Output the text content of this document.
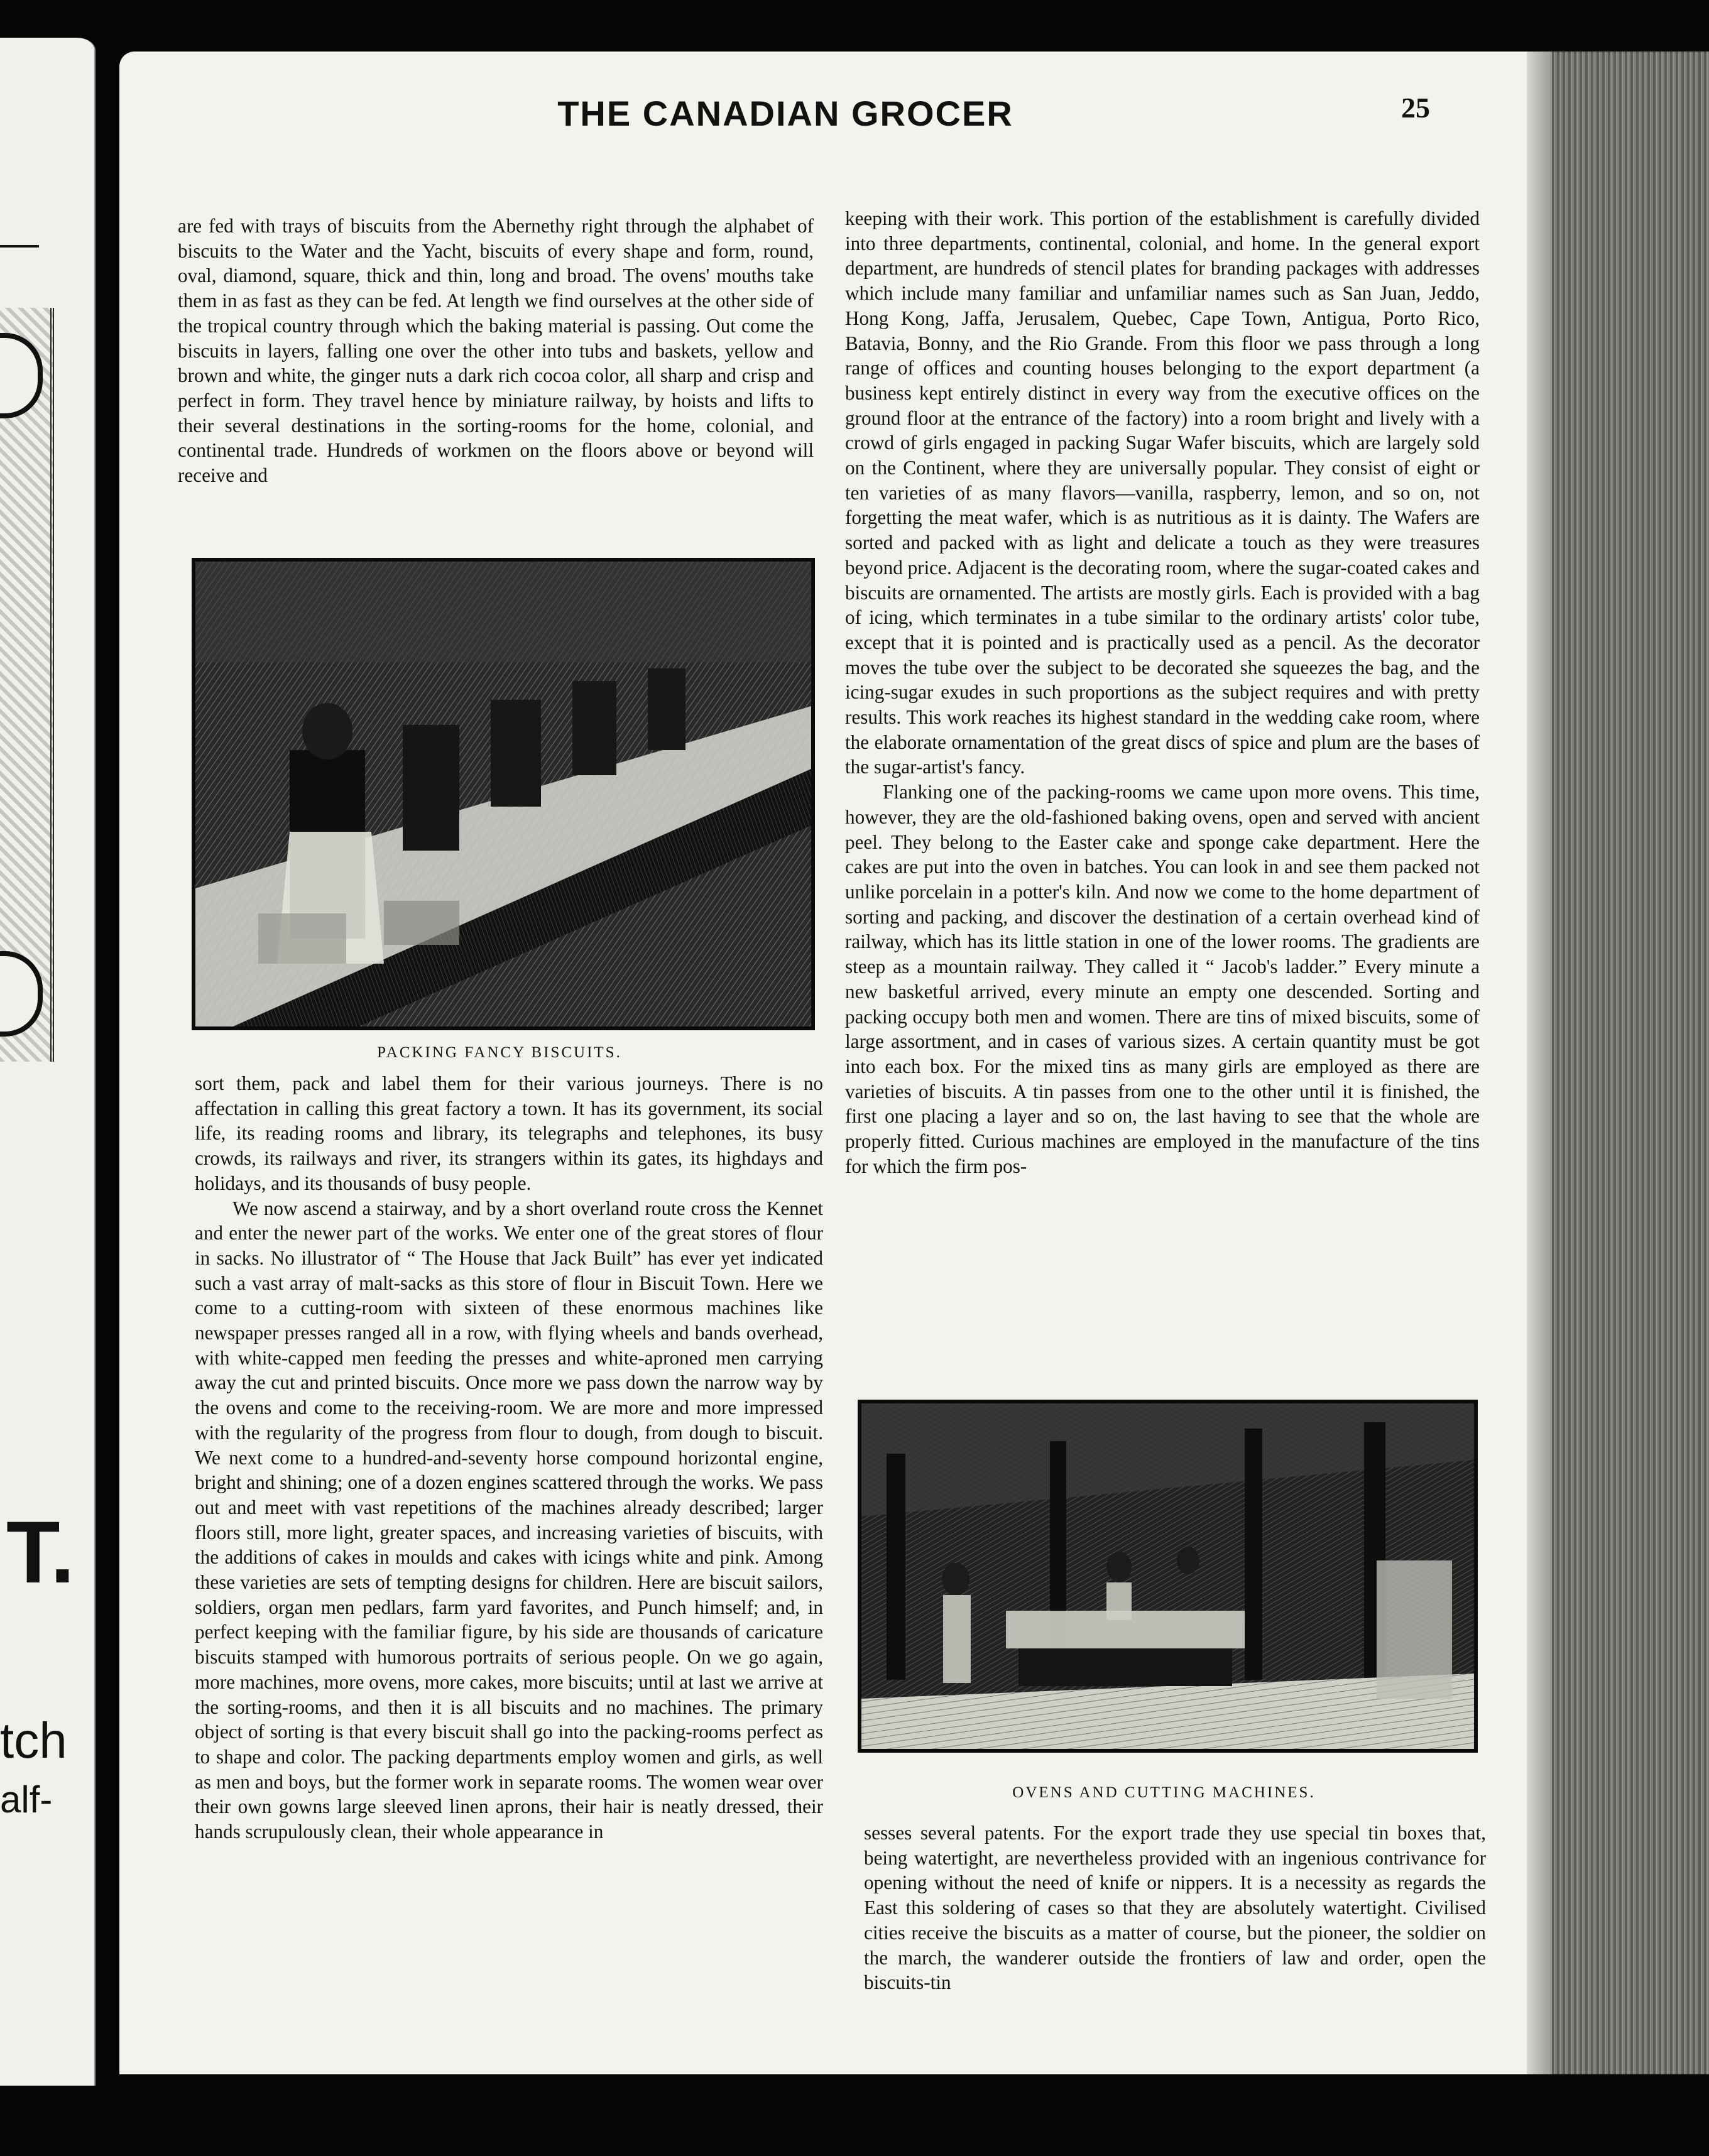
T.
tch
alf-
THE CANADIAN GROCER	25

are fed with trays of biscuits from the Abernethy right through the alphabet of biscuits to the Water and the Yacht, biscuits of every shape and form, round, oval, diamond, square, thick and thin, long and broad. The ovens' mouths take them in as fast as they can be fed. At length we find ourselves at the other side of the tropical country through which the baking material is passing. Out come the biscuits in layers, falling one over the other into tubs and baskets, yellow and brown and white, the ginger nuts a dark rich cocoa color, all sharp and crisp and perfect in form. They travel hence by miniature railway, by hoists and lifts to their several destinations in the sorting-rooms for the home, colonial, and continental trade. Hundreds of workmen on the floors above or beyond will receive and

PACKING FANCY BISCUITS.

sort them, pack and label them for their various journeys. There is no affectation in calling this great factory a town. It has its government, its social life, its reading rooms and library, its telegraphs and telephones, its busy crowds, its railways and river, its strangers within its gates, its highdays and holidays, and its thousands of busy people.

We now ascend a stairway, and by a short overland route cross the Kennet and enter the newer part of the works. We enter one of the great stores of flour in sacks. No illustrator of “ The House that Jack Built” has ever yet indicated such a vast array of malt-sacks as this store of flour in Biscuit Town. Here we come to a cutting-room with sixteen of these enormous machines like newspaper presses ranged all in a row, with flying wheels and bands overhead, with white-capped men feeding the presses and white-aproned men carrying away the cut and printed biscuits. Once more we pass down the narrow way by the ovens and come to the receiving-room. We are more and more impressed with the regularity of the progress from flour to dough, from dough to biscuit. We next come to a hundred-and-seventy horse compound horizontal engine, bright and shining; one of a dozen engines scattered through the works. We pass out and meet with vast repetitions of the machines already described; larger floors still, more light, greater spaces, and increasing varieties of biscuits, with the additions of cakes in moulds and cakes with icings white and pink. Among these varieties are sets of tempting designs for children. Here are biscuit sailors, soldiers, organ men pedlars, farm yard favorites, and Punch himself; and, in perfect keeping with the familiar figure, by his side are thousands of caricature biscuits stamped with humorous portraits of serious people. On we go again, more machines, more ovens, more cakes, more biscuits; until at last we arrive at the sorting-rooms, and then it is all biscuits and no machines. The primary object of sorting is that every biscuit shall go into the packing-rooms perfect as to shape and color. The packing departments employ women and girls, as well as men and boys, but the former work in separate rooms. The women wear over their own gowns large sleeved linen aprons, their hair is neatly dressed, their hands scrupulously clean, their whole appearance in

keeping with their work. This portion of the establishment is carefully divided into three departments, continental, colonial, and home. In the general export department, are hundreds of stencil plates for branding packages with addresses which include many familiar and unfamiliar names such as San Juan, Jeddo, Hong Kong, Jaffa, Jerusalem, Quebec, Cape Town, Antigua, Porto Rico, Batavia, Bonny, and the Rio Grande. From this floor we pass through a long range of offices and counting houses belonging to the export department (a business kept entirely distinct in every way from the executive offices on the ground floor at the entrance of the factory) into a room bright and lively with a crowd of girls engaged in packing Sugar Wafer biscuits, which are largely sold on the Continent, where they are universally popular. They consist of eight or ten varieties of as many flavors—vanilla, raspberry, lemon, and so on, not forgetting the meat wafer, which is as nutritious as it is dainty. The Wafers are sorted and packed with as light and delicate a touch as they were treasures beyond price. Adjacent is the decorating room, where the sugar-coated cakes and biscuits are ornamented. The artists are mostly girls. Each is provided with a bag of icing, which terminates in a tube similar to the ordinary artists' color tube, except that it is pointed and is practically used as a pencil. As the decorator moves the tube over the subject to be decorated she squeezes the bag, and the icing-sugar exudes in such proportions as the subject requires and with pretty results. This work reaches its highest standard in the wedding cake room, where the elaborate ornamentation of the great discs of spice and plum are the bases of the sugar-artist's fancy.

Flanking one of the packing-rooms we came upon more ovens. This time, however, they are the old-fashioned baking ovens, open and served with ancient peel. They belong to the Easter cake and sponge cake department. Here the cakes are put into the oven in batches. You can look in and see them packed not unlike porcelain in a potter's kiln. And now we come to the home department of sorting and packing, and discover the destination of a certain overhead kind of railway, which has its little station in one of the lower rooms. The gradients are steep as a mountain railway. They called it “ Jacob's ladder.” Every minute a new basketful arrived, every minute an empty one descended. Sorting and packing occupy both men and women. There are tins of mixed biscuits, some of large assortment, and in cases of various sizes. A certain quantity must be got into each box. For the mixed tins as many girls are employed as there are varieties of biscuits. A tin passes from one to the other until it is finished, the first one placing a layer and so on, the last having to see that the whole are properly fitted. Curious machines are employed in the manufacture of the tins for which the firm pos-

OVENS AND CUTTING MACHINES.

sesses several patents. For the export trade they use special tin boxes that, being watertight, are nevertheless provided with an ingenious contrivance for opening without the need of knife or nippers. It is a necessity as regards the East this soldering of cases so that they are absolutely watertight. Civilised cities receive the biscuits as a matter of course, but the pioneer, the soldier on the march, the wanderer outside the frontiers of law and order, open the biscuits-tin
